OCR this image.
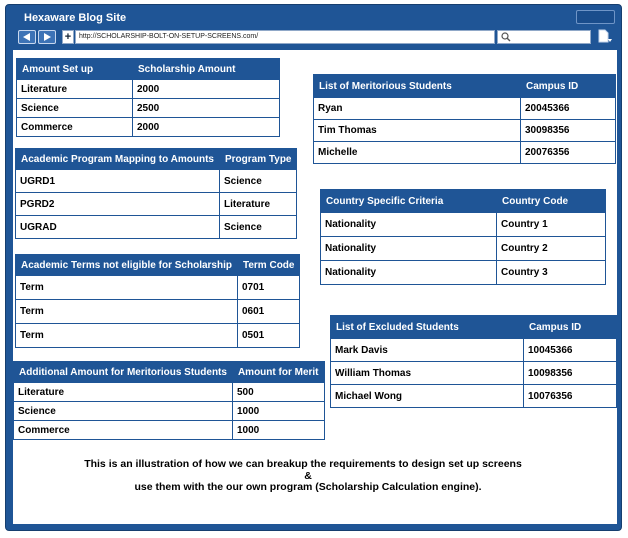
Hexaware Blog Site
+	http://SCHOLARSHIP-BOLT-ON-SETUP-SCREENS.com/
Amount Set up	Scholarship Amount
Literature	2000
Science	2500
Commerce	2000
Academic Program Mapping to Amounts	Program Type
UGRD1	Science
PGRD2	Literature
UGRAD	Science
Academic Terms not eligible for Scholarship	Term Code
Term	0701
Term	0601
Term	0501
Additional Amount for Meritorious Students	Amount for Merit
Literature	500
Science	1000
Commerce	1000
List of Meritorious Students	Campus ID
Ryan	20045366
Tim Thomas	30098356
Michelle	20076356
Country Specific Criteria	Country Code
Nationality	Country 1
Nationality	Country 2
Nationality	Country 3
List of Excluded Students	Campus ID
Mark Davis	10045366
William Thomas	10098356
Michael Wong	10076356
This is an illustration of how we can breakup the requirements to design set up screens
&
use them with the our own program (Scholarship Calculation engine).
